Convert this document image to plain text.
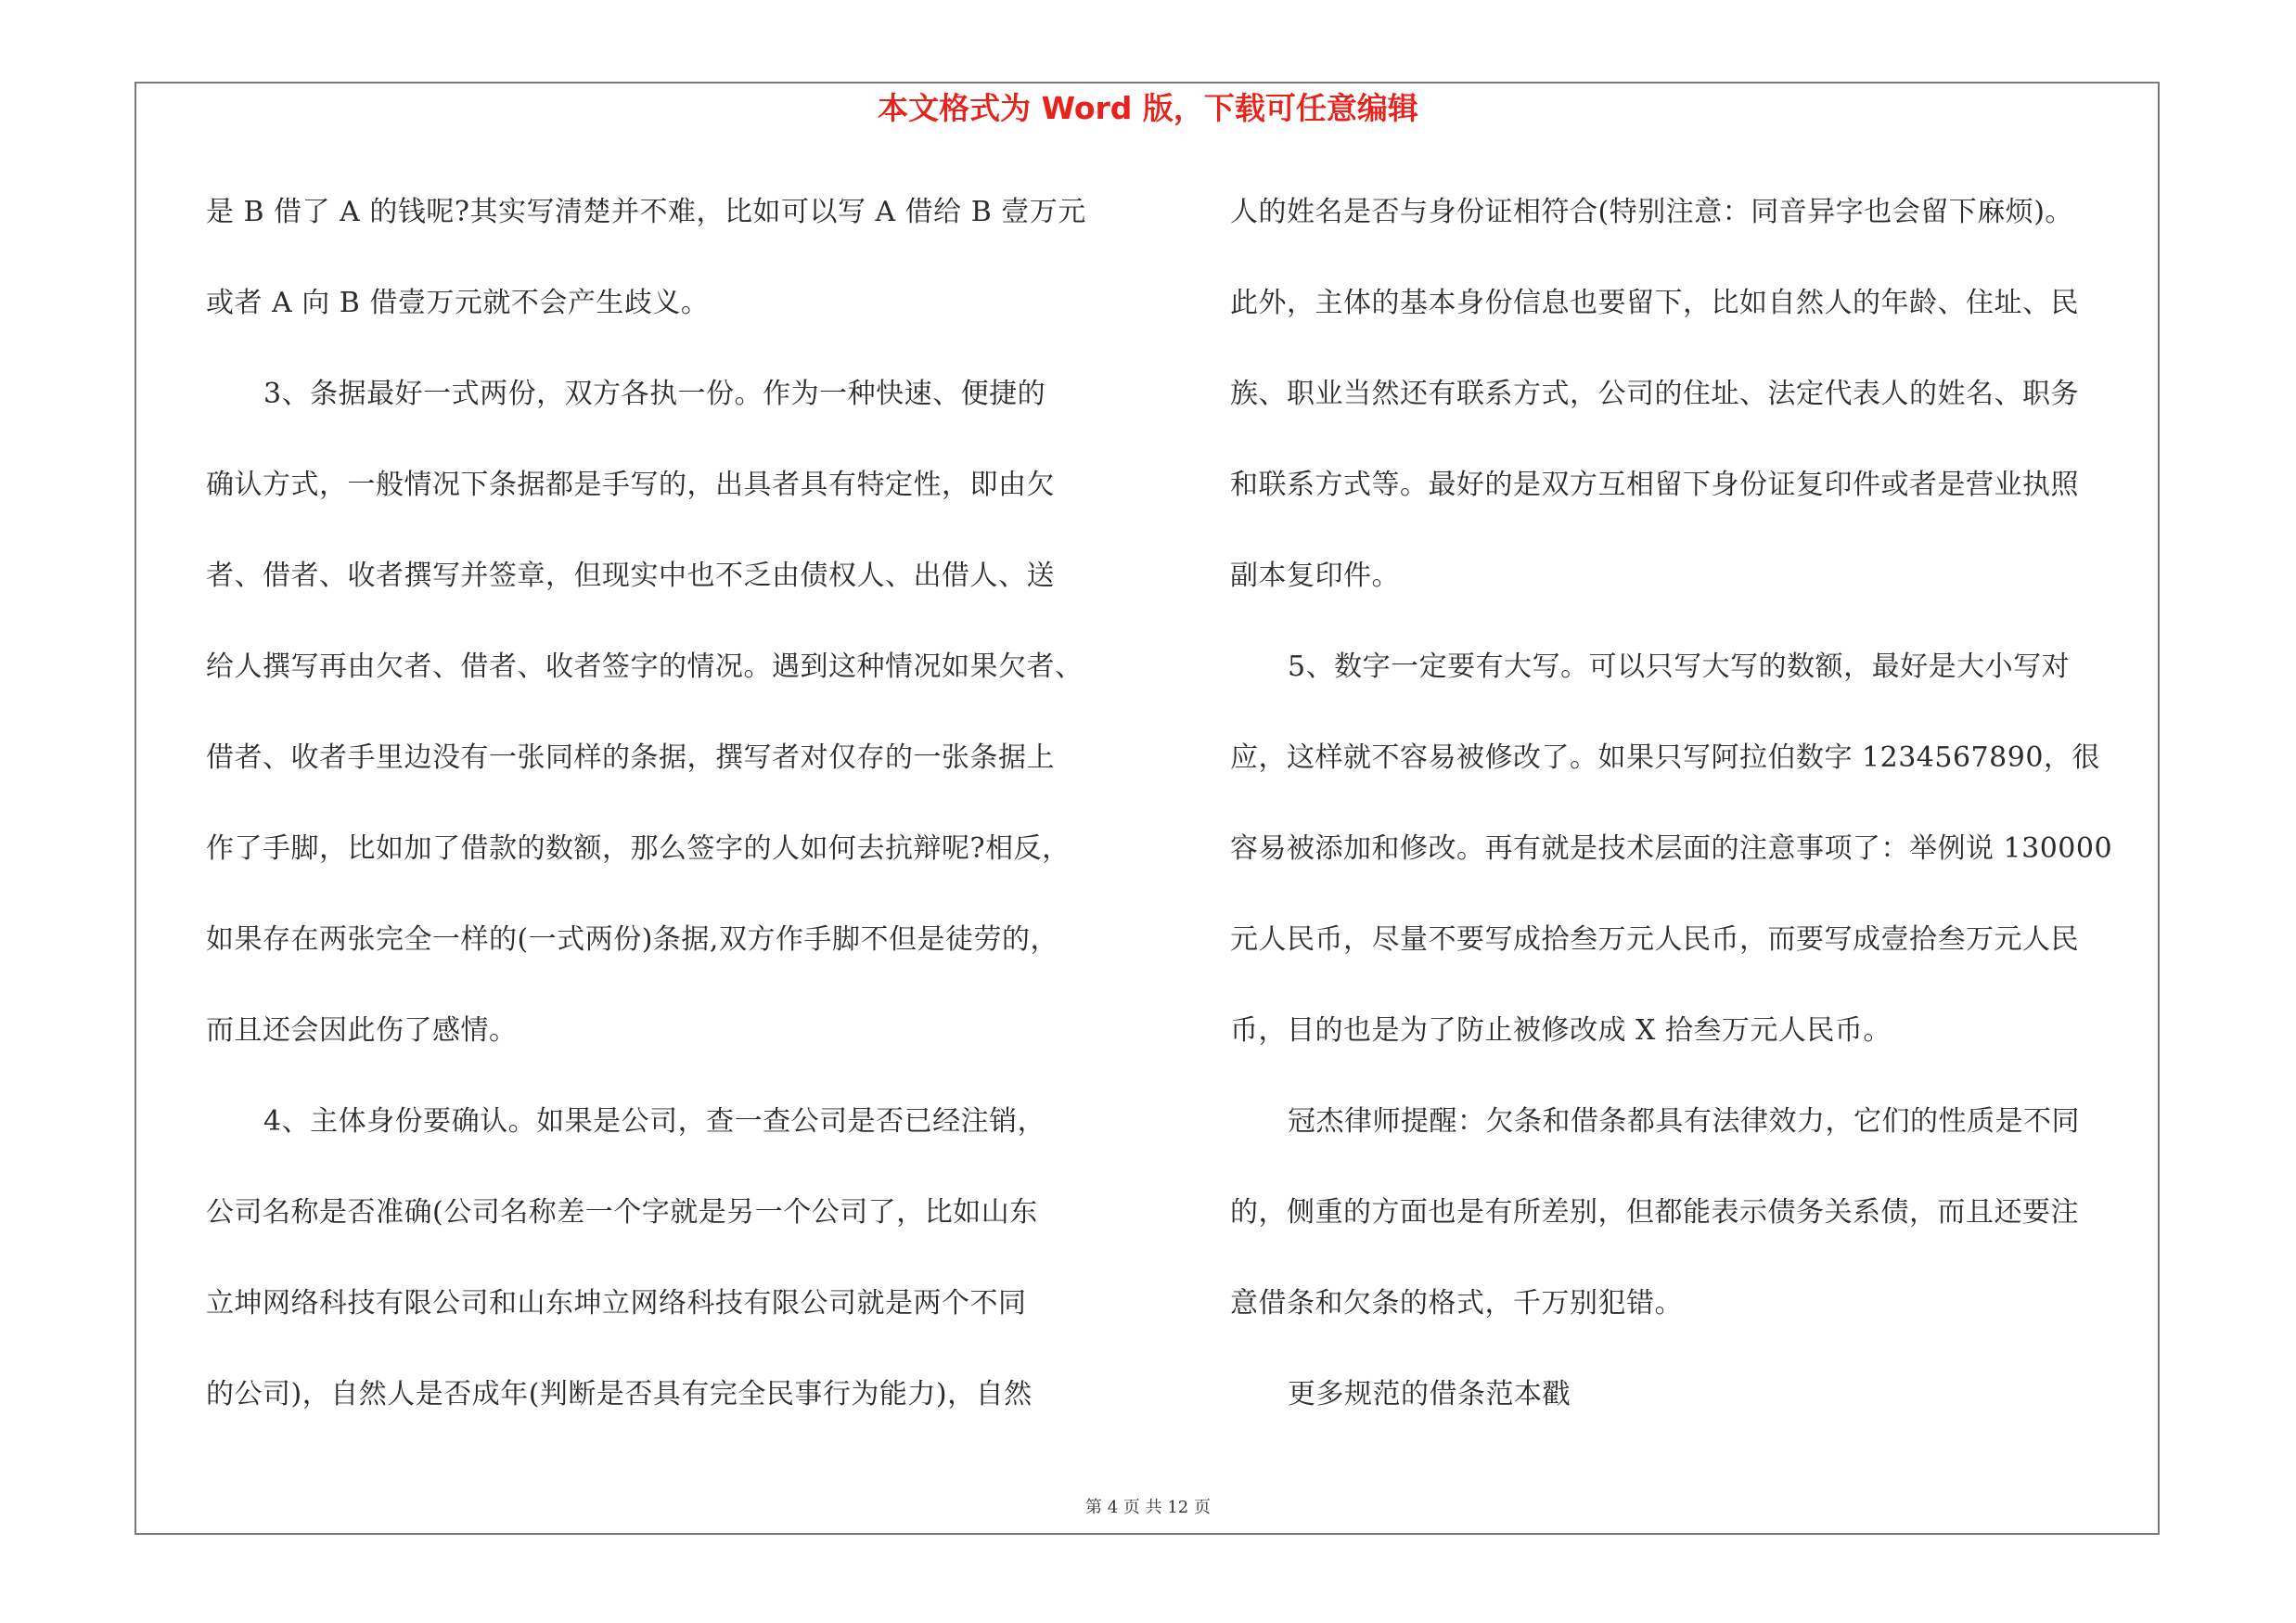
本文格式为 Word 版，下载可任意编辑
是 B 借了 A 的钱呢?其实写清楚并不难，比如可以写 A 借给 B 壹万元
或者 A 向 B 借壹万元就不会产生歧义。
3、条据最好一式两份，双方各执一份。作为一种快速、便捷的
确认方式，一般情况下条据都是手写的，出具者具有特定性，即由欠
者、借者、收者撰写并签章，但现实中也不乏由债权人、出借人、送
给人撰写再由欠者、借者、收者签字的情况。遇到这种情况如果欠者、
借者、收者手里边没有一张同样的条据，撰写者对仅存的一张条据上
作了手脚，比如加了借款的数额，那么签字的人如何去抗辩呢?相反，
如果存在两张完全一样的(一式两份)条据,双方作手脚不但是徒劳的，
而且还会因此伤了感情。
4、主体身份要确认。如果是公司，查一查公司是否已经注销，
公司名称是否准确(公司名称差一个字就是另一个公司了，比如山东
立坤网络科技有限公司和山东坤立网络科技有限公司就是两个不同
的公司)，自然人是否成年(判断是否具有完全民事行为能力)，自然
人的姓名是否与身份证相符合(特别注意：同音异字也会留下麻烦)。
此外，主体的基本身份信息也要留下，比如自然人的年龄、住址、民
族、职业当然还有联系方式，公司的住址、法定代表人的姓名、职务
和联系方式等。最好的是双方互相留下身份证复印件或者是营业执照
副本复印件。
5、数字一定要有大写。可以只写大写的数额，最好是大小写对
应，这样就不容易被修改了。如果只写阿拉伯数字 1234567890，很
容易被添加和修改。再有就是技术层面的注意事项了：举例说 130000
元人民币，尽量不要写成拾叁万元人民币，而要写成壹拾叁万元人民
币，目的也是为了防止被修改成 X 拾叁万元人民币。
冠杰律师提醒：欠条和借条都具有法律效力，它们的性质是不同
的，侧重的方面也是有所差别，但都能表示债务关系债，而且还要注
意借条和欠条的格式，千万别犯错。
更多规范的借条范本戳
第 4 页 共 12 页
